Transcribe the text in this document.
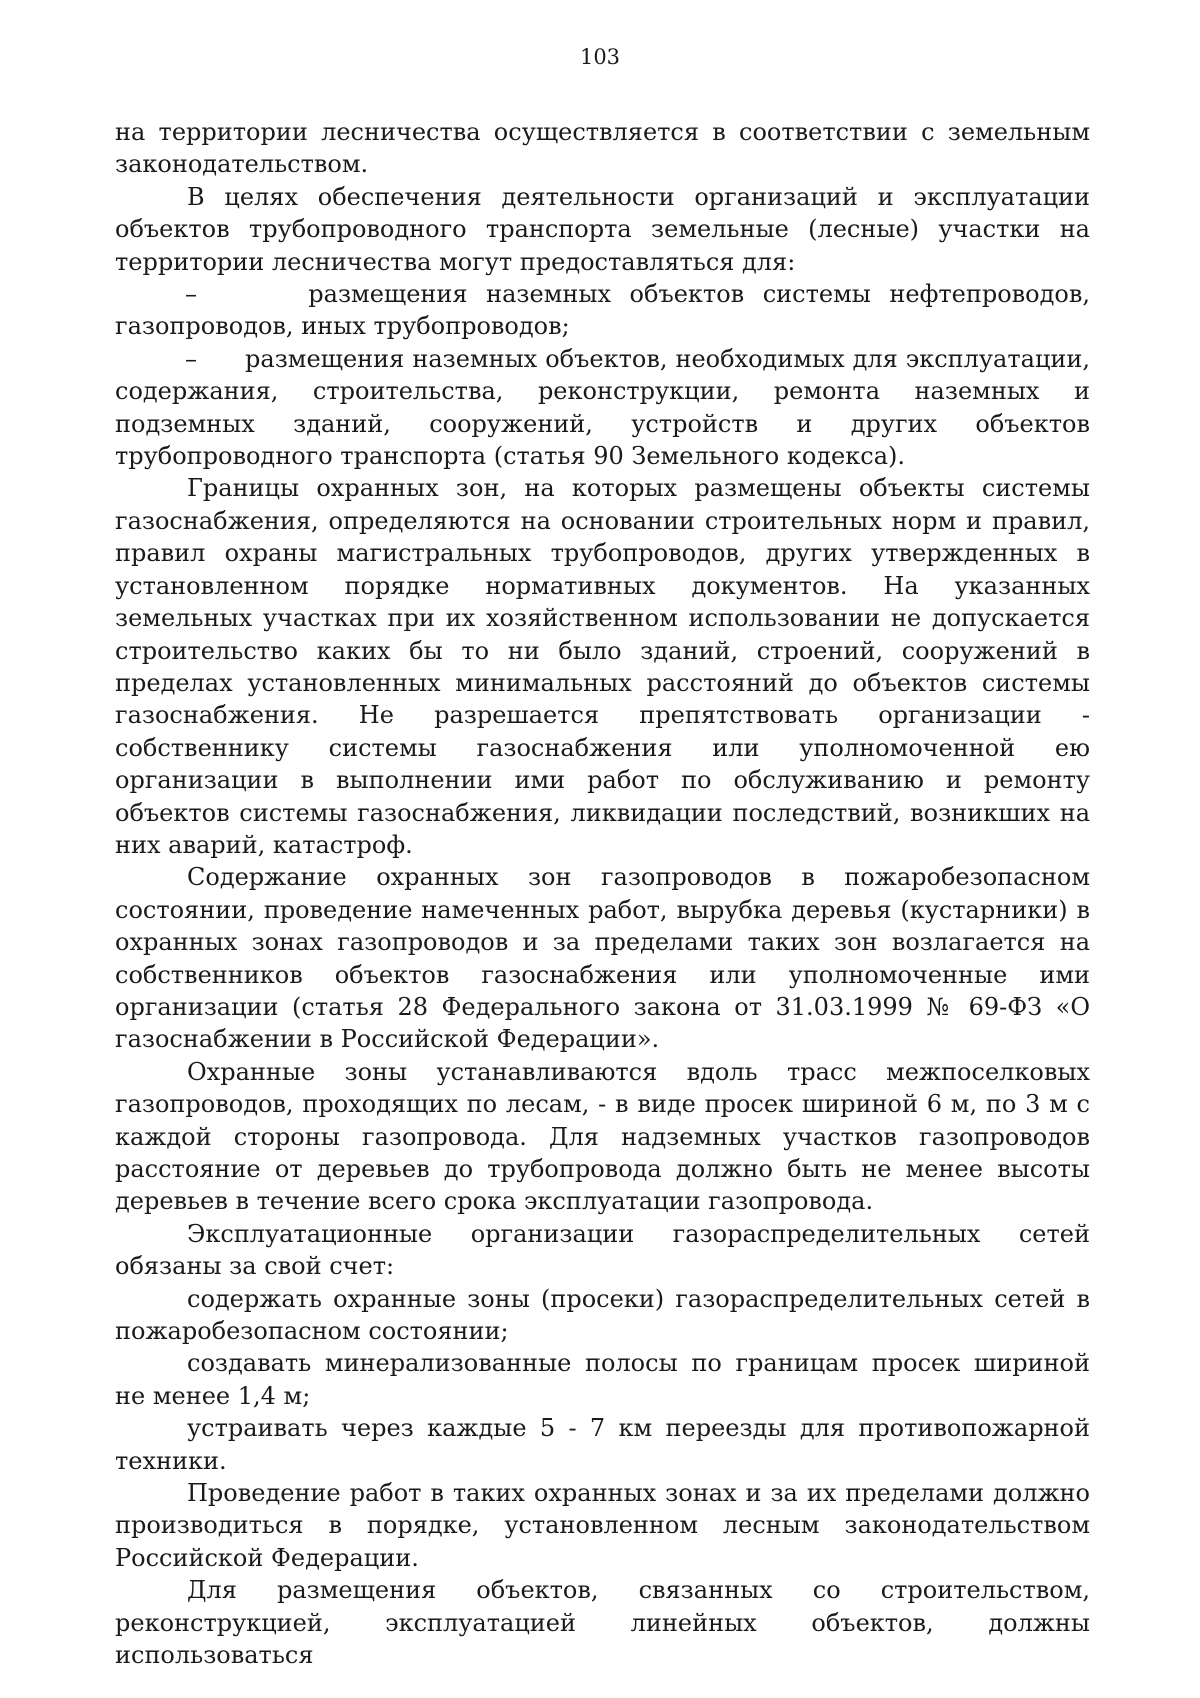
103

на территории лесничества осуществляется в соответствии с земельным законодательством.

В целях обеспечения деятельности организаций и эксплуатации объектов трубопроводного транспорта земельные (лесные) участки на территории лесничества могут предоставляться для:

–      размещения наземных объектов системы нефтепроводов, газопроводов, иных трубопроводов;

–      размещения наземных объектов, необходимых для эксплуатации, содержания, строительства, реконструкции, ремонта наземных и подземных зданий, сооружений, устройств и других объектов трубопроводного транспорта (статья 90 Земельного кодекса).

Границы охранных зон, на которых размещены объекты системы газоснабжения, определяются на основании строительных норм и правил, правил охраны магистральных трубопроводов, других утвержденных в установленном порядке нормативных документов. На указанных земельных участках при их хозяйственном использовании не допускается строительство каких бы то ни было зданий, строений, сооружений в пределах установленных минимальных расстояний до объектов системы газоснабжения. Не разрешается препятствовать организации - собственнику системы газоснабжения или уполномоченной ею организации в выполнении ими работ по обслуживанию и ремонту объектов системы газоснабжения, ликвидации последствий, возникших на них аварий, катастроф.

Содержание охранных зон газопроводов в пожаробезопасном состоянии, проведение намеченных работ, вырубка деревья (кустарники) в охранных зонах газопроводов и за пределами таких зон возлагается на собственников объектов газоснабжения или уполномоченные ими организации (статья 28 Федерального закона от 31.03.1999 № 69-ФЗ «О газоснабжении в Российской Федерации».

Охранные зоны устанавливаются вдоль трасс межпоселковых газопроводов, проходящих по лесам, - в виде просек шириной 6 м, по 3 м с каждой стороны газопровода. Для надземных участков газопроводов расстояние от деревьев до трубопровода должно быть не менее высоты деревьев в течение всего срока эксплуатации газопровода.

Эксплуатационные организации газораспределительных сетей обязаны за свой счет:

содержать охранные зоны (просеки) газораспределительных сетей в пожаробезопасном состоянии;

создавать минерализованные полосы по границам просек шириной не менее 1,4 м;

устраивать через каждые 5 - 7 км переезды для противопожарной техники.

Проведение работ в таких охранных зонах и за их пределами должно производиться в порядке, установленном лесным законодательством Российской Федерации.

Для размещения объектов, связанных со строительством, реконструкцией, эксплуатацией линейных объектов, должны использоваться
